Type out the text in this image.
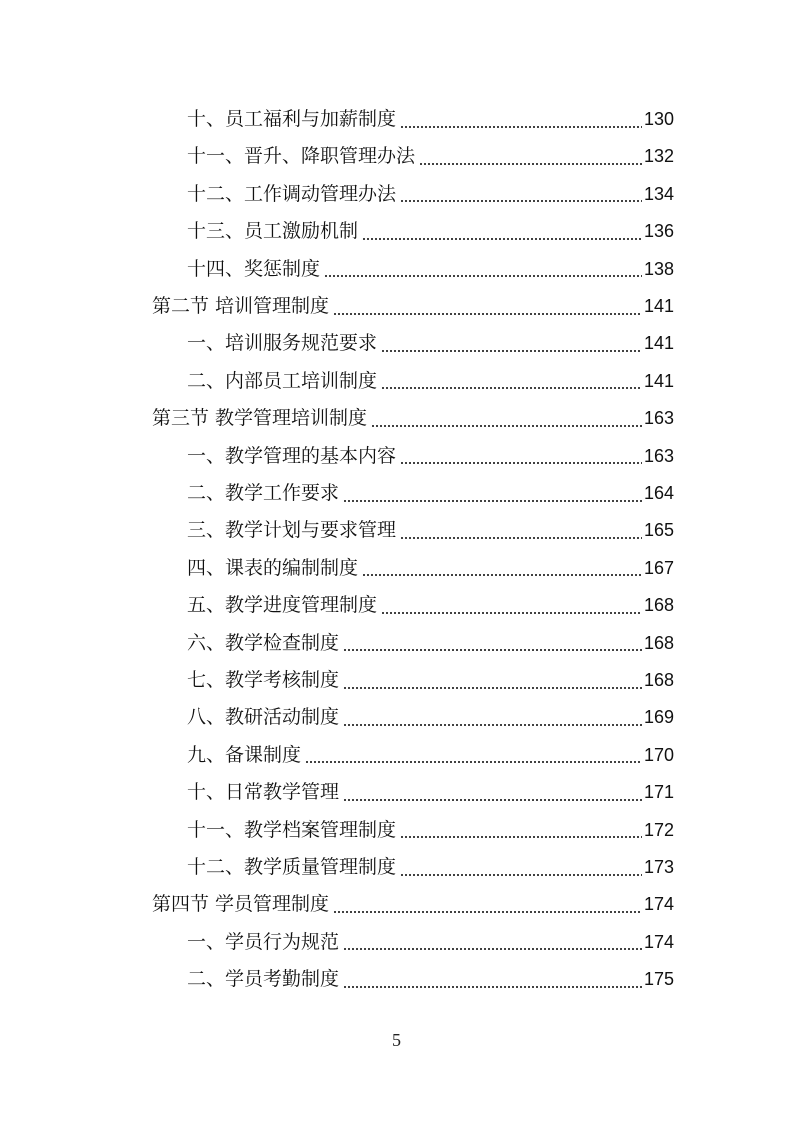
十、员工福利与加薪制度	130
十一、晋升、降职管理办法	132
十二、工作调动管理办法	134
十三、员工激励机制	136
十四、奖惩制度	138
第二节 培训管理制度	141
一、培训服务规范要求	141
二、内部员工培训制度	141
第三节 教学管理培训制度	163
一、教学管理的基本内容	163
二、教学工作要求	164
三、教学计划与要求管理	165
四、课表的编制制度	167
五、教学进度管理制度	168
六、教学检查制度	168
七、教学考核制度	168
八、教研活动制度	169
九、备课制度	170
十、日常教学管理	171
十一、教学档案管理制度	172
十二、教学质量管理制度	173
第四节 学员管理制度	174
一、学员行为规范	174
二、学员考勤制度	175
5
